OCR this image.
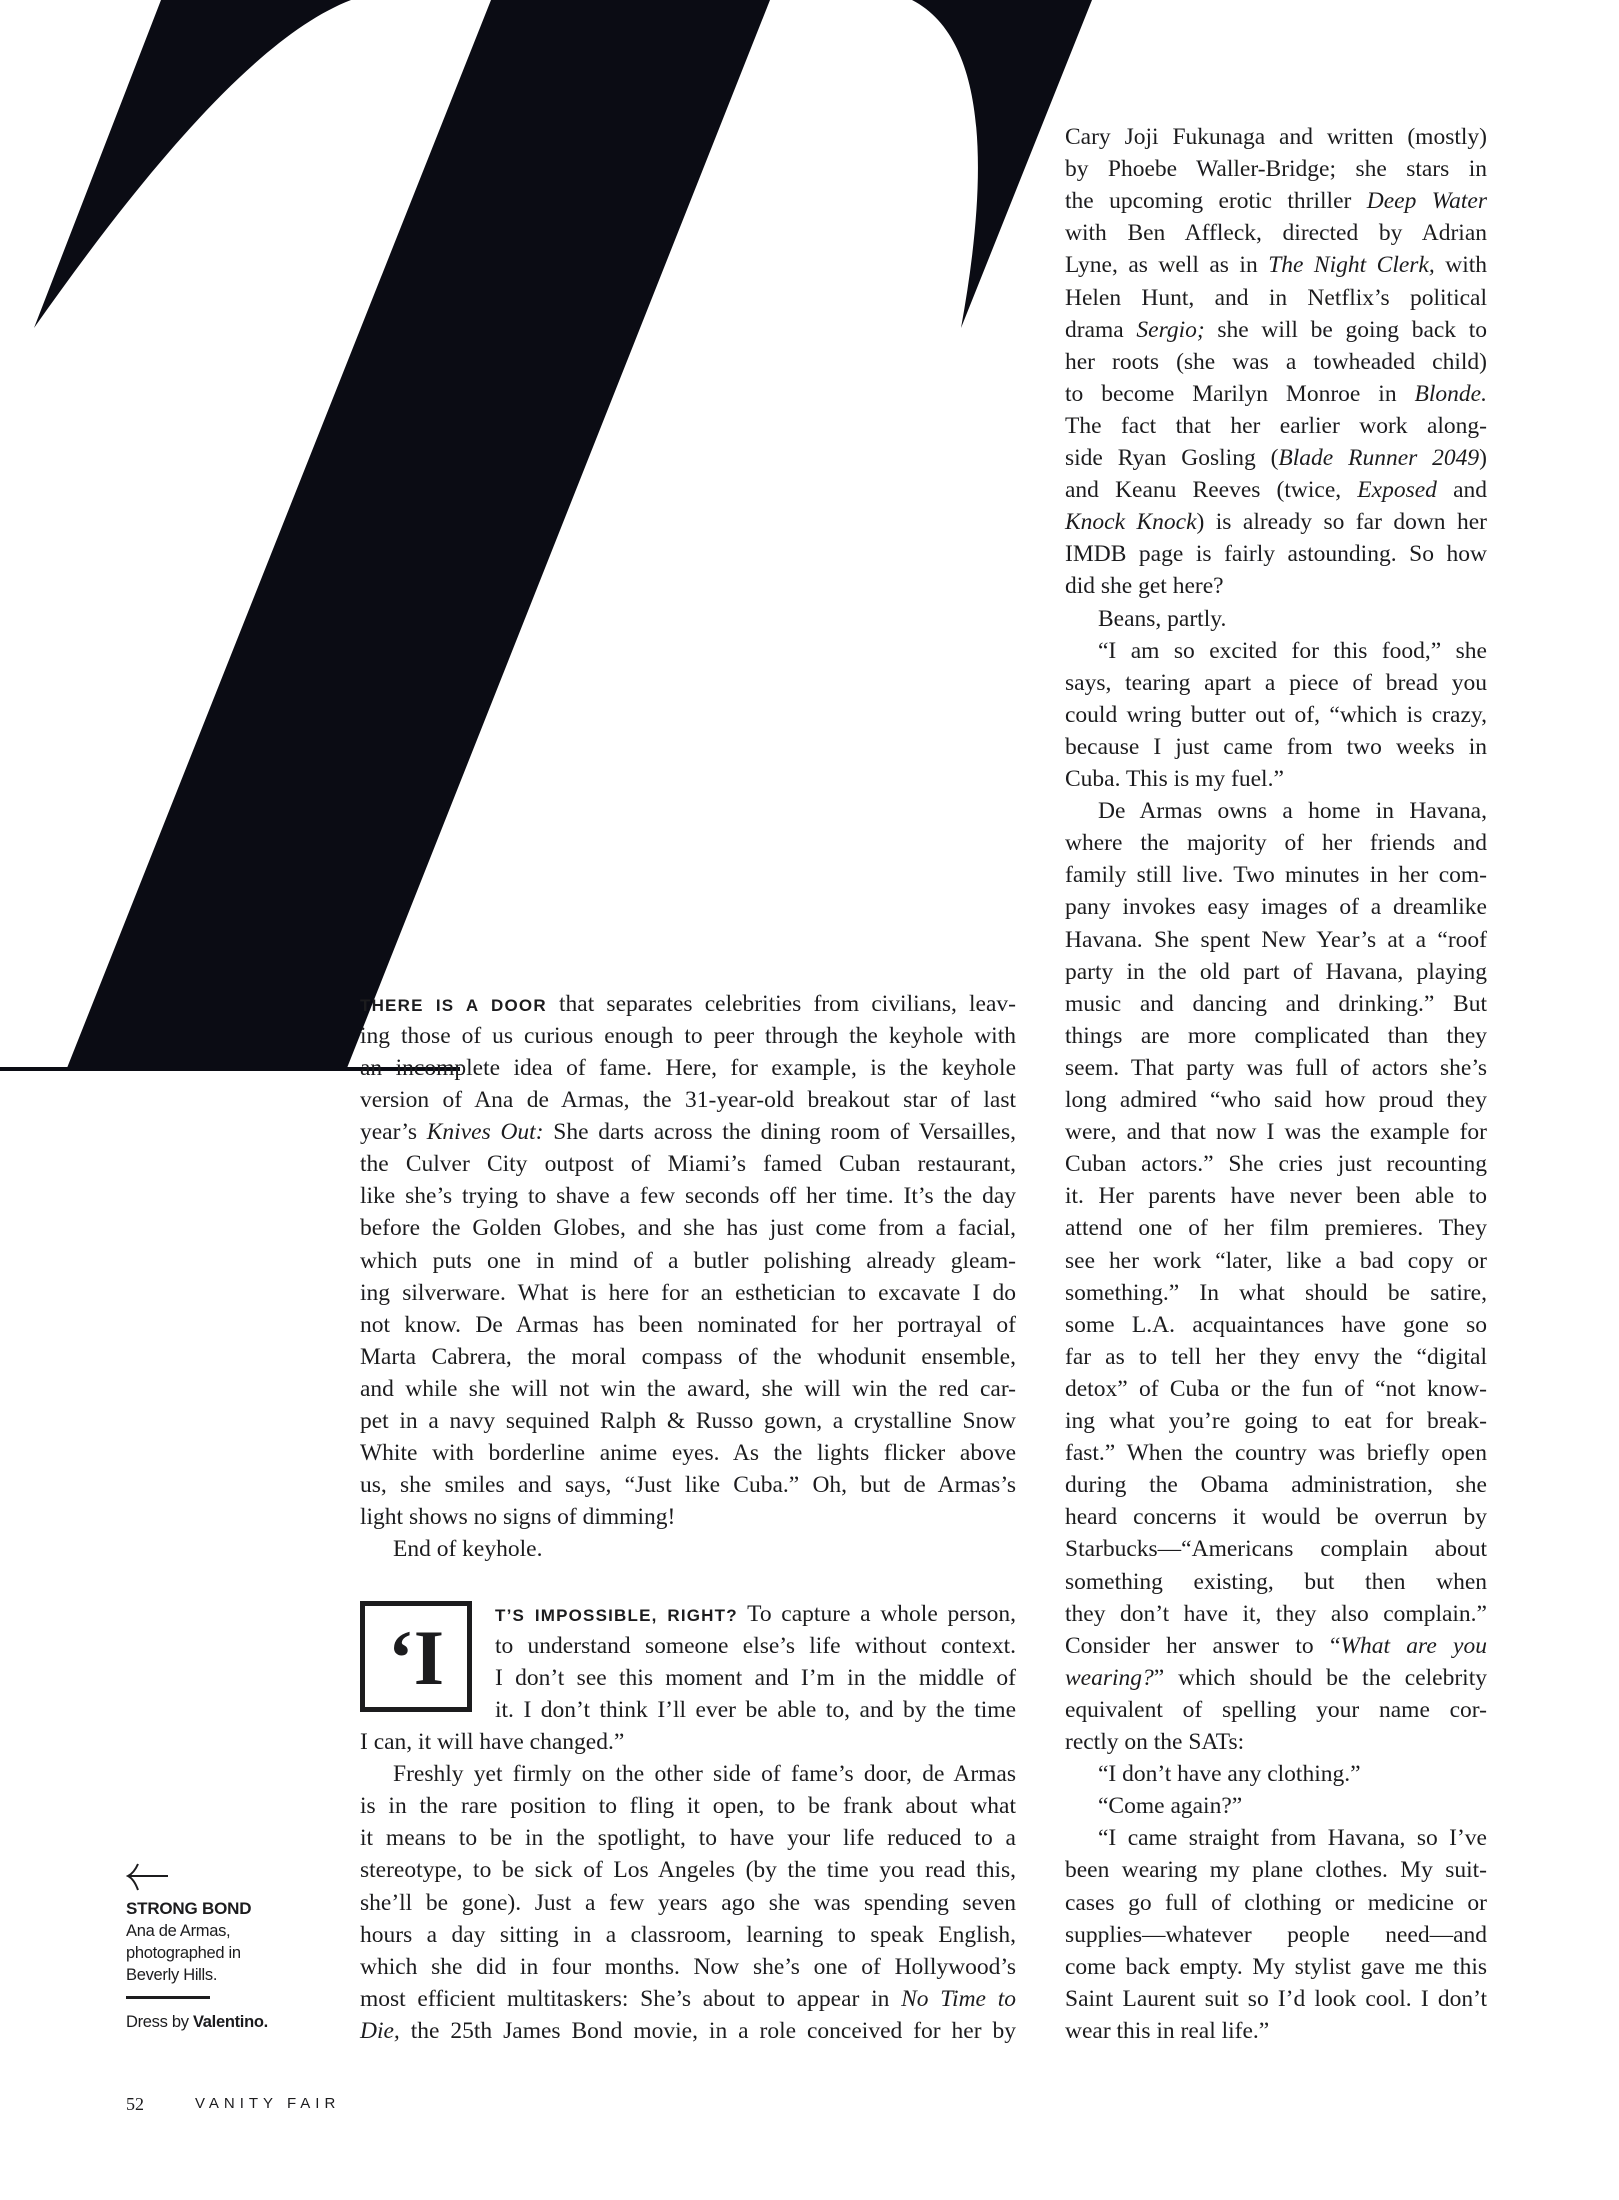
THERE IS A DOOR that separates celebrities from civilians, leav-
ing those of us curious enough to peer through the keyhole with
an incomplete idea of fame. Here, for example, is the keyhole
version of Ana de Armas, the 31-year-old breakout star of last
year’s Knives Out: She darts across the dining room of Versailles,
the Culver City outpost of Miami’s famed Cuban restaurant,
like she’s trying to shave a few seconds off her time. It’s the day
before the Golden Globes, and she has just come from a facial,
which puts one in mind of a butler polishing already gleam-
ing silverware. What is here for an esthetician to excavate I do
not know. De Armas has been nominated for her portrayal of
Marta Cabrera, the moral compass of the whodunit ensemble,
and while she will not win the award, she will win the red car-
pet in a navy sequined Ralph & Russo gown, a crystalline Snow
White with borderline anime eyes. As the lights flicker above
us, she smiles and says, “Just like Cuba.” Oh, but de Armas’s
light shows no signs of dimming!
End of keyhole.
T’S IMPOSSIBLE, RIGHT? To capture a whole person,
to understand someone else’s life without context.
I don’t see this moment and I’m in the middle of
it. I don’t think I’ll ever be able to, and by the time
I can, it will have changed.”
Freshly yet firmly on the other side of fame’s door, de Armas
is in the rare position to fling it open, to be frank about what
it means to be in the spotlight, to have your life reduced to a
stereotype, to be sick of Los Angeles (by the time you read this,
she’ll be gone). Just a few years ago she was spending seven
hours a day sitting in a classroom, learning to speak English,
which she did in four months. Now she’s one of Hollywood’s
most efficient multitaskers: She’s about to appear in No Time to
Die, the 25th James Bond movie, in a role conceived for her by
Cary Joji Fukunaga and written (mostly)
by Phoebe Waller-Bridge; she stars in
the upcoming erotic thriller Deep Water
with Ben Affleck, directed by Adrian
Lyne, as well as in The Night Clerk, with
Helen Hunt, and in Netflix’s political
drama Sergio; she will be going back to
her roots (she was a towheaded child)
to become Marilyn Monroe in Blonde.
The fact that her earlier work along-
side Ryan Gosling (Blade Runner 2049)
and Keanu Reeves (twice, Exposed and
Knock Knock) is already so far down her
IMDB page is fairly astounding. So how
did she get here?
Beans, partly.
“I am so excited for this food,” she
says, tearing apart a piece of bread you
could wring butter out of, “which is crazy,
because I just came from two weeks in
Cuba. This is my fuel.”
De Armas owns a home in Havana,
where the majority of her friends and
family still live. Two minutes in her com-
pany invokes easy images of a dreamlike
Havana. She spent New Year’s at a “roof
party in the old part of Havana, playing
music and dancing and drinking.” But
things are more complicated than they
seem. That party was full of actors she’s
long admired “who said how proud they
were, and that now I was the example for
Cuban actors.” She cries just recounting
it. Her parents have never been able to
attend one of her film premieres. They
see her work “later, like a bad copy or
something.” In what should be satire,
some L.A. acquaintances have gone so
far as to tell her they envy the “digital
detox” of Cuba or the fun of “not know-
ing what you’re going to eat for break-
fast.” When the country was briefly open
during the Obama administration, she
heard concerns it would be overrun by
Starbucks—“Americans complain about
something existing, but then when
they don’t have it, they also complain.”
Consider her answer to “What are you
wearing?” which should be the celebrity
equivalent of spelling your name cor-
rectly on the SATs:
“I don’t have any clothing.”
“Come again?”
“I came straight from Havana, so I’ve
been wearing my plane clothes. My suit-
cases go full of clothing or medicine or
supplies—whatever people need—and
come back empty. My stylist gave me this
Saint Laurent suit so I’d look cool. I don’t
wear this in real life.”
‘I
STRONG BOND
Ana de Armas,
photographed in
Beverly Hills.
Dress by Valentino.
52	VANITY FAIR
